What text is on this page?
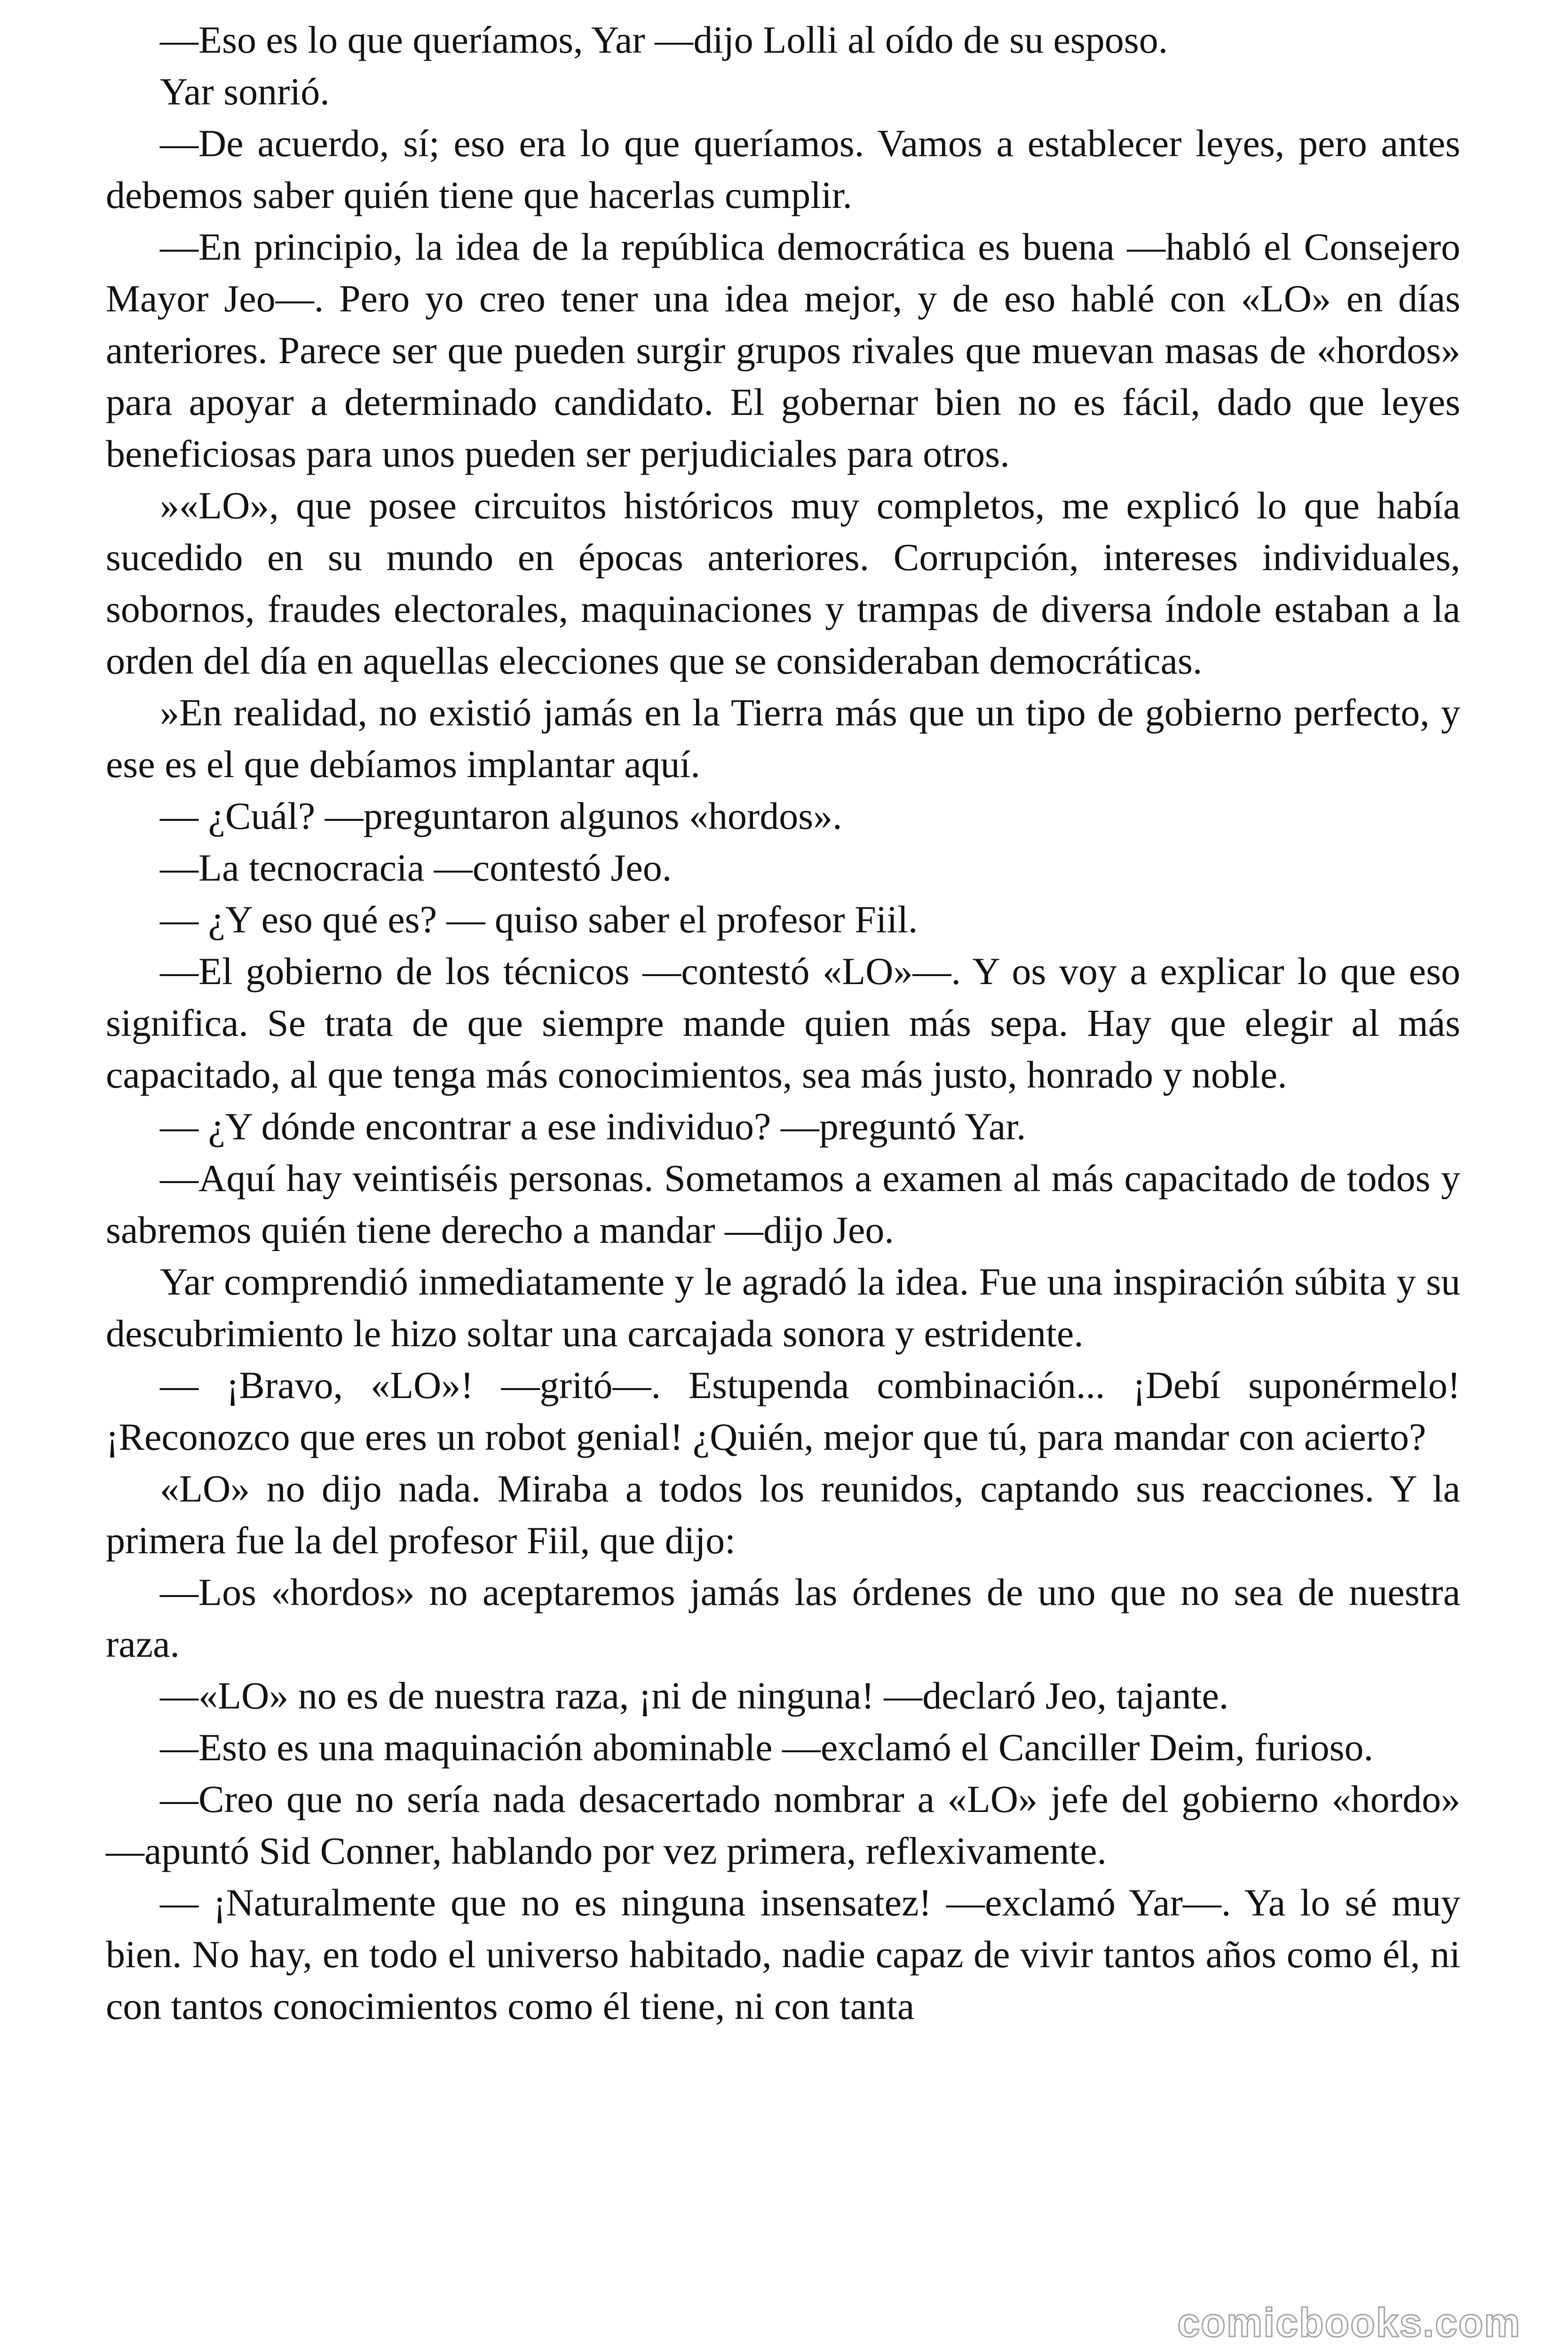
—Eso es lo que queríamos, Yar —dijo Lolli al oído de su esposo.

Yar sonrió.

—De acuerdo, sí; eso era lo que queríamos. Vamos a establecer leyes, pero antes debemos saber quién tiene que hacerlas cumplir.

—En principio, la idea de la república democrática es buena —habló el Consejero Mayor Jeo—. Pero yo creo tener una idea mejor, y de eso hablé con «LO» en días anteriores. Parece ser que pueden surgir grupos rivales que muevan masas de «hordos» para apoyar a determinado candidato. El gobernar bien no es fácil, dado que leyes beneficiosas para unos pueden ser perjudiciales para otros.

»«LO», que posee circuitos históricos muy completos, me explicó lo que había sucedido en su mundo en épocas anteriores. Corrupción, intereses individuales, sobornos, fraudes electorales, maquinaciones y trampas de diversa índole estaban a la orden del día en aquellas elecciones que se consideraban democráticas.

»En realidad, no existió jamás en la Tierra más que un tipo de gobierno perfecto, y ese es el que debíamos implantar aquí.

— ¿Cuál? —preguntaron algunos «hordos».

—La tecnocracia —contestó Jeo.

— ¿Y eso qué es? — quiso saber el profesor Fiil.

—El gobierno de los técnicos —contestó «LO»—. Y os voy a explicar lo que eso significa. Se trata de que siempre mande quien más sepa. Hay que elegir al más capacitado, al que tenga más conocimientos, sea más justo, honrado y noble.

— ¿Y dónde encontrar a ese individuo? —preguntó Yar.

—Aquí hay veintiséis personas. Sometamos a examen al más capacitado de todos y sabremos quién tiene derecho a mandar —dijo Jeo.

Yar comprendió inmediatamente y le agradó la idea. Fue una inspiración súbita y su descubrimiento le hizo soltar una carcajada sonora y estridente.

— ¡Bravo, «LO»! —gritó—. Estupenda combinación... ¡Debí suponérmelo! ¡Reconozco que eres un robot genial! ¿Quién, mejor que tú, para mandar con acierto?

«LO» no dijo nada. Miraba a todos los reunidos, captando sus reacciones. Y la primera fue la del profesor Fiil, que dijo:

—Los «hordos» no aceptaremos jamás las órdenes de uno que no sea de nuestra raza.

—«LO» no es de nuestra raza, ¡ni de ninguna! —declaró Jeo, tajante.

—Esto es una maquinación abominable —exclamó el Canciller Deim, furioso.

—Creo que no sería nada desacertado nombrar a «LO» jefe del gobierno «hordo» —apuntó Sid Conner, hablando por vez primera, reflexivamente.

— ¡Naturalmente que no es ninguna insensatez! —exclamó Yar—. Ya lo sé muy bien. No hay, en todo el universo habitado, nadie capaz de vivir tantos años como él, ni con tantos conocimientos como él tiene, ni con tanta

comicbooks.com
